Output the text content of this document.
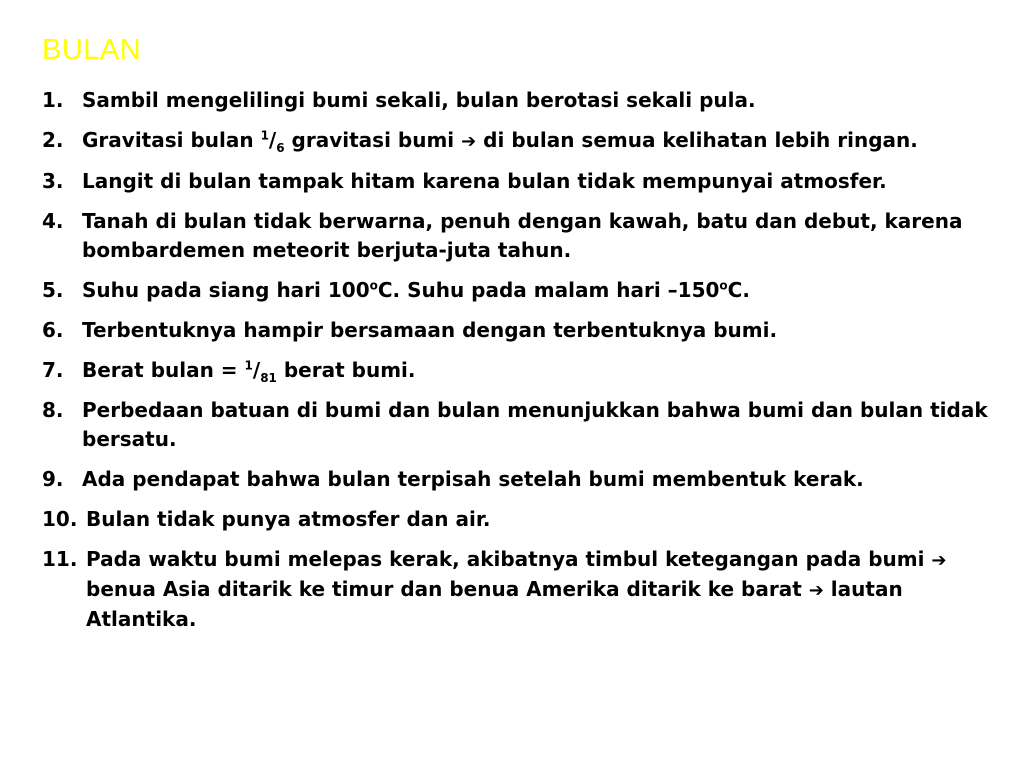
BULAN
1. Sambil mengelilingi bumi sekali, bulan berotasi sekali pula.
2. Gravitasi bulan $^1/_6$ gravitasi bumi ➔ di bulan semua kelihatan lebih ringan.
3. Langit di bulan tampak hitam karena bulan tidak mempunyai atmosfer.
4. Tanah di bulan tidak berwarna, penuh dengan kawah, batu dan debut, karena bombardemen meteorit berjuta-juta tahun.
5. Suhu pada siang hari 100$^o$C. Suhu pada malam hari –150$^o$C.
6. Terbentuknya hampir bersamaan dengan terbentuknya bumi.
7. Berat bulan = $^1/_{81}$ berat bumi.
8. Perbedaan batuan di bumi dan bulan menunjukkan bahwa bumi dan bulan tidak bersatu.
9. Ada pendapat bahwa bulan terpisah setelah bumi membentuk kerak.
10. Bulan tidak punya atmosfer dan air.
11. Pada waktu bumi melepas kerak, akibatnya timbul ketegangan pada bumi ➔ benua Asia ditarik ke timur dan benua Amerika ditarik ke barat ➔ lautan Atlantika.
